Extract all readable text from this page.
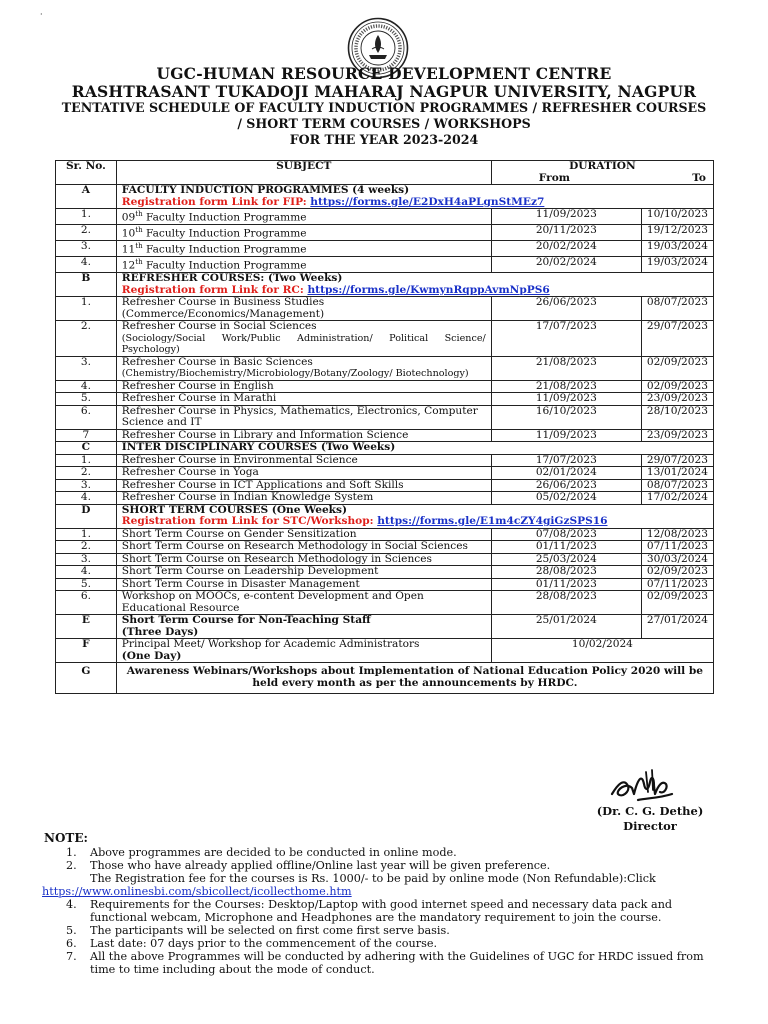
·
UGC-HUMAN RESOURCE DEVELOPMENT CENTRE
RASHTRASANT TUKADOJI MAHARAJ NAGPUR UNIVERSITY, NAGPUR
TENTATIVE SCHEDULE OF FACULTY INDUCTION PROGRAMMES / REFRESHER COURSES
/ SHORT TERM COURSES / WORKSHOPS
FOR THE YEAR 2023-2024
Sr. No.	SUBJECT	DURATION
From To	

A	FACULTY INDUCTION PROGRAMMES (4 weeks)
Registration form Link for FIP: https://forms.gle/E2DxH4aPLgnStMEz7		

1.	09th Faculty Induction Programme	11/09/2023	10/10/2023
2.	10th Faculty Induction Programme	20/11/2023	19/12/2023
3.	11th Faculty Induction Programme	20/02/2024	19/03/2024
4.	12th Faculty Induction Programme	20/02/2024	19/03/2024
B	REFRESHER COURSES: (Two Weeks)
Registration form Link for RC: https://forms.gle/KwmynRqppAvmNpPS6		

1.	Refresher Course in Business Studies
(Commerce/Economics/Management)	26/06/2023	08/07/2023
2.	Refresher Course in Social Sciences
(Sociology/Social Work/Public Administration/ Political Science/ Psychology)	17/07/2023	29/07/2023
3.	Refresher Course in Basic Sciences
(Chemistry/Biochemistry/Microbiology/Botany/Zoology/ Biotechnology)	21/08/2023	02/09/2023
4.	Refresher Course in English	21/08/2023	02/09/2023
5.	Refresher Course in Marathi	11/09/2023	23/09/2023
6.	Refresher Course in Physics, Mathematics, Electronics, Computer Science and IT	16/10/2023	28/10/2023
7	Refresher Course in Library and Information Science	11/09/2023	23/09/2023
C	INTER DISCIPLINARY COURSES (Two Weeks)		
1.	Refresher Course in Environmental Science	17/07/2023	29/07/2023
2.	Refresher Course in Yoga	02/01/2024	13/01/2024
3.	Refresher Course in ICT Applications and Soft Skills	26/06/2023	08/07/2023
4.	Refresher Course in Indian Knowledge System	05/02/2024	17/02/2024
D	SHORT TERM COURSES (One Weeks)
Registration form Link for STC/Workshop: https://forms.gle/E1m4cZY4giGzSPS16		

1.	Short Term Course on Gender Sensitization	07/08/2023	12/08/2023
2.	Short Term Course on Research Methodology in Social Sciences	01/11/2023	07/11/2023
3.	Short Term Course on Research Methodology in Sciences	25/03/2024	30/03/2024
4.	Short Term Course on Leadership Development	28/08/2023	02/09/2023
5.	Short Term Course in Disaster Management	01/11/2023	07/11/2023
6.	Workshop on MOOCs, e-content Development and Open Educational Resource	28/08/2023	02/09/2023
E	Short Term Course for Non-Teaching Staff
(Three Days)	25/01/2024	27/01/2024
F	Principal Meet/ Workshop for Academic Administrators
(One Day)	10/02/2024	
G	Awareness Webinars/Workshops about Implementation of National Education Policy 2020 will be held every month as per the announcements by HRDC.		
(Dr. C. G. Dethe)
Director
NOTE:
1.	Above programmes are decided to be conducted in online mode.
2.	Those who have already applied offline/Online last year will be given preference.
The Registration fee for the courses is Rs. 1000/- to be paid by online mode (Non Refundable):Click
https://www.onlinesbi.com/sbicollect/icollecthome.htm
4.	Requirements for the Courses: Desktop/Laptop with good internet speed and necessary data pack and functional webcam, Microphone and Headphones are the mandatory requirement to join the course.
5.	The participants will be selected on first come first serve basis.
6.	Last date: 07 days prior to the commencement of the course.
7.	All the above Programmes will be conducted by adhering with the Guidelines of UGC for HRDC issued from time to time including about the mode of conduct.
